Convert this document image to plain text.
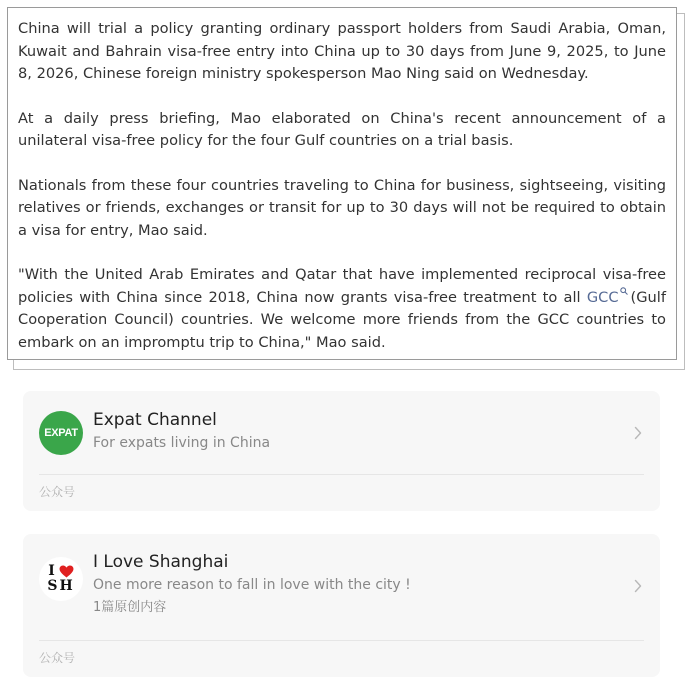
China will trial a policy granting ordinary passport holders from Saudi Arabia, Oman, Kuwait and Bahrain visa-free entry into China up to 30 days from June 9, 2025, to June 8, 2026, Chinese foreign ministry spokesperson Mao Ning said on Wednesday.

At a daily press briefing, Mao elaborated on China's recent announcement of a unilateral visa-free policy for the four Gulf countries on a trial basis.

Nationals from these four countries traveling to China for business, sightseeing, visiting relatives or friends, exchanges or transit for up to 30 days will not be required to obtain a visa for entry, Mao said.

"With the United Arab Emirates and Qatar that have implemented reciprocal visa-free policies with China since 2018, China now grants visa-free treatment to all GCC (Gulf Cooperation Council) countries. We welcome more friends from the GCC countries to embark on an impromptu trip to China," Mao said.

EXPAT
Expat Channel
For expats living in China
公众号
I
SH
I Love Shanghai
One more reason to fall in love with the city !
1篇原创内容
公众号
